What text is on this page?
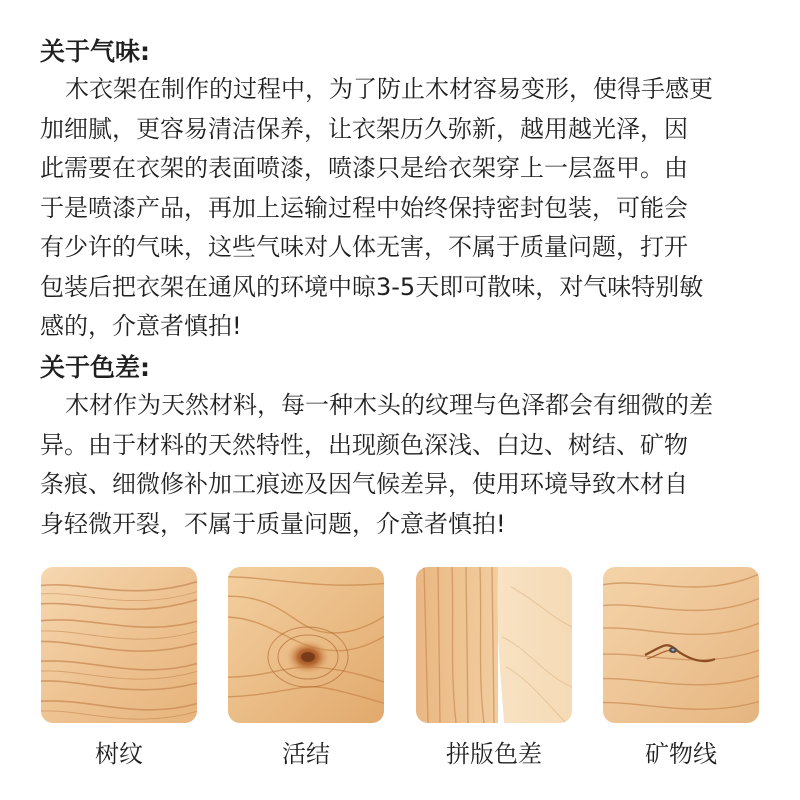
关于气味:

木衣架在制作的过程中，为了防止木材容易变形，使得手感更
加细腻，更容易清洁保养，让衣架历久弥新，越用越光泽，因
此需要在衣架的表面喷漆，喷漆只是给衣架穿上一层盔甲。由
于是喷漆产品，再加上运输过程中始终保持密封包装，可能会
有少许的气味，这些气味对人体无害，不属于质量问题，打开
包装后把衣架在通风的环境中晾3-5天即可散味，对气味特别敏
感的，介意者慎拍!

关于色差:

木材作为天然材料，每一种木头的纹理与色泽都会有细微的差
异。由于材料的天然特性，出现颜色深浅、白边、树结、矿物
条痕、细微修补加工痕迹及因气候差异，使用环境导致木材自
身轻微开裂，不属于质量问题，介意者慎拍!

树纹	活结	拼版色差	矿物线
